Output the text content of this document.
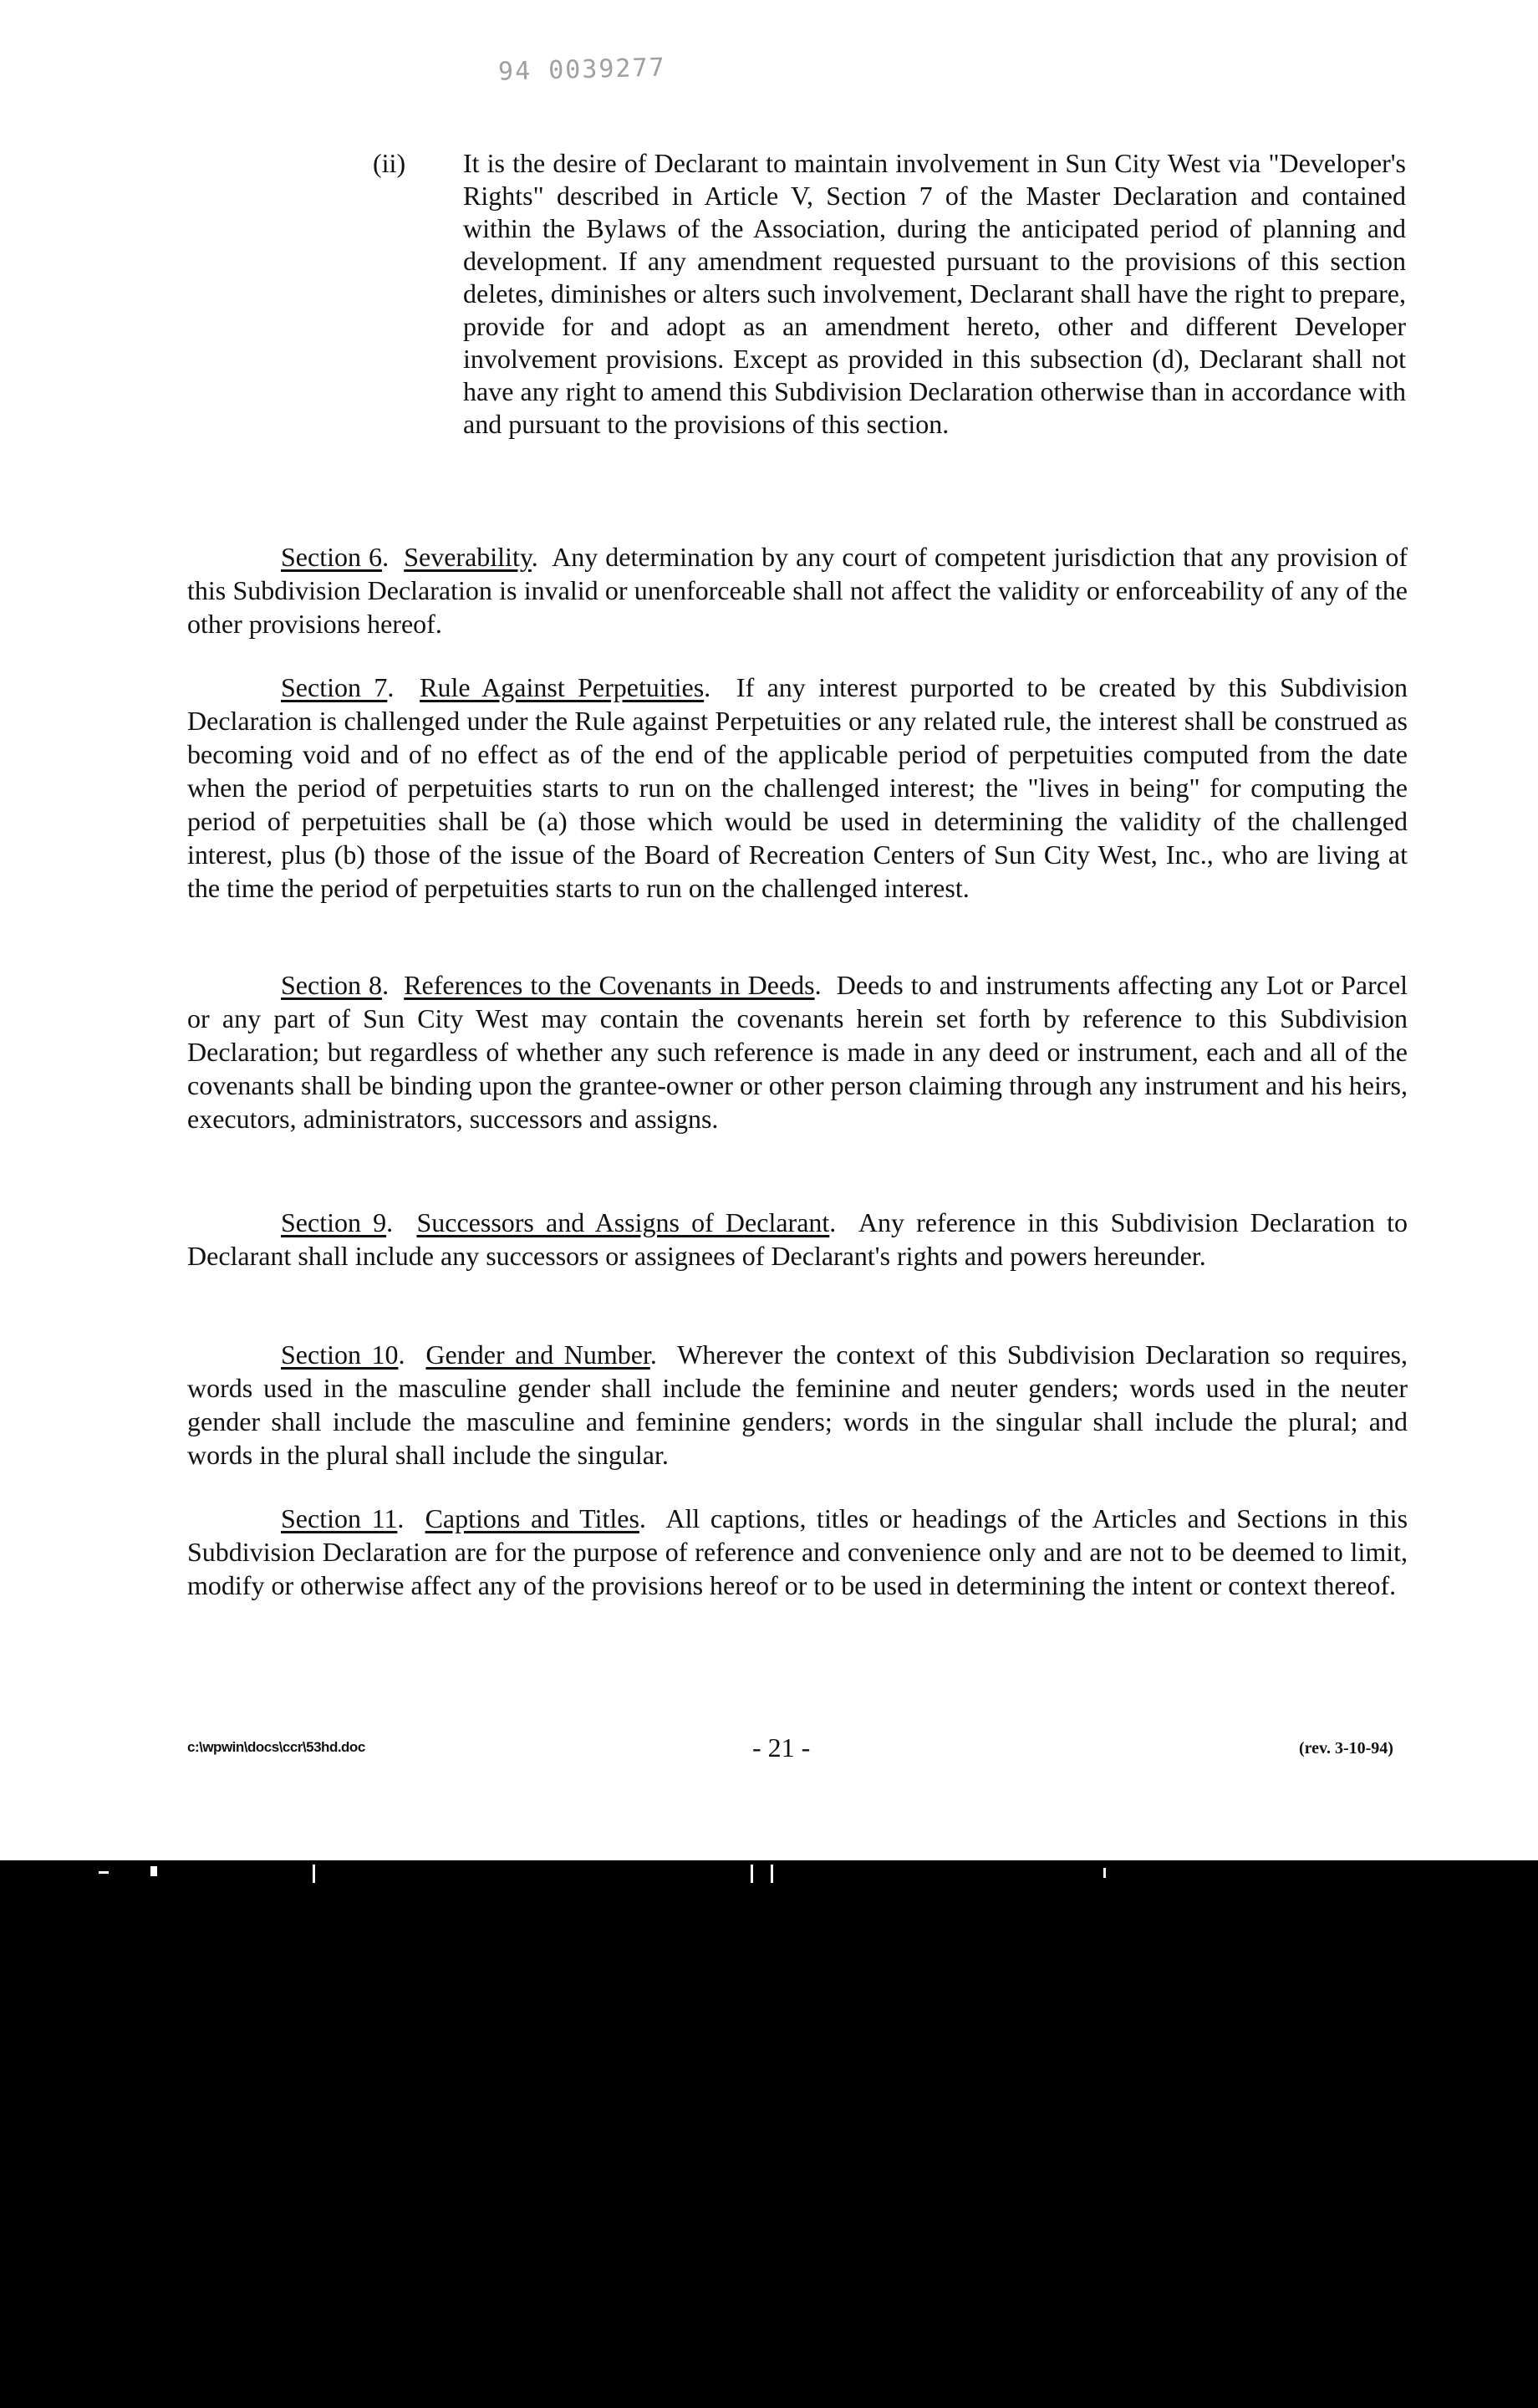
94 0039277
(ii) It is the desire of Declarant to maintain involvement in Sun City West via "Developer's Rights" described in Article V, Section 7 of the Master Declaration and contained within the Bylaws of the Association, during the anticipated period of planning and development. If any amendment requested pursuant to the provisions of this section deletes, diminishes or alters such involvement, Declarant shall have the right to prepare, provide for and adopt as an amendment hereto, other and different Developer involvement provisions. Except as provided in this subsection (d), Declarant shall not have any right to amend this Subdivision Declaration otherwise than in accordance with and pursuant to the provisions of this section.
Section 6.  Severability.  Any determination by any court of competent jurisdiction that any provision of this Subdivision Declaration is invalid or unenforceable shall not affect the validity or enforceability of any of the other provisions hereof.
Section 7.  Rule Against Perpetuities.  If any interest purported to be created by this Subdivision Declaration is challenged under the Rule against Perpetuities or any related rule, the interest shall be construed as becoming void and of no effect as of the end of the applicable period of perpetuities computed from the date when the period of perpetuities starts to run on the challenged interest; the "lives in being" for computing the period of perpetuities shall be (a) those which would be used in determining the validity of the challenged interest, plus (b) those of the issue of the Board of Recreation Centers of Sun City West, Inc., who are living at the time the period of perpetuities starts to run on the challenged interest.
Section 8.  References to the Covenants in Deeds.  Deeds to and instruments affecting any Lot or Parcel or any part of Sun City West may contain the covenants herein set forth by reference to this Subdivision Declaration; but regardless of whether any such reference is made in any deed or instrument, each and all of the covenants shall be binding upon the grantee-owner or other person claiming through any instrument and his heirs, executors, administrators, successors and assigns.
Section 9.  Successors and Assigns of Declarant.  Any reference in this Subdivision Declaration to Declarant shall include any successors or assignees of Declarant's rights and powers hereunder.
Section 10.  Gender and Number.  Wherever the context of this Subdivision Declaration so requires, words used in the masculine gender shall include the feminine and neuter genders; words used in the neuter gender shall include the masculine and feminine genders; words in the singular shall include the plural; and words in the plural shall include the singular.
Section 11.  Captions and Titles.  All captions, titles or headings of the Articles and Sections in this Subdivision Declaration are for the purpose of reference and convenience only and are not to be deemed to limit, modify or otherwise affect any of the provisions hereof or to be used in determining the intent or context thereof.
c:\wpwin\docs\ccr\53hd.doc	- 21 -	(rev. 3-10-94)
